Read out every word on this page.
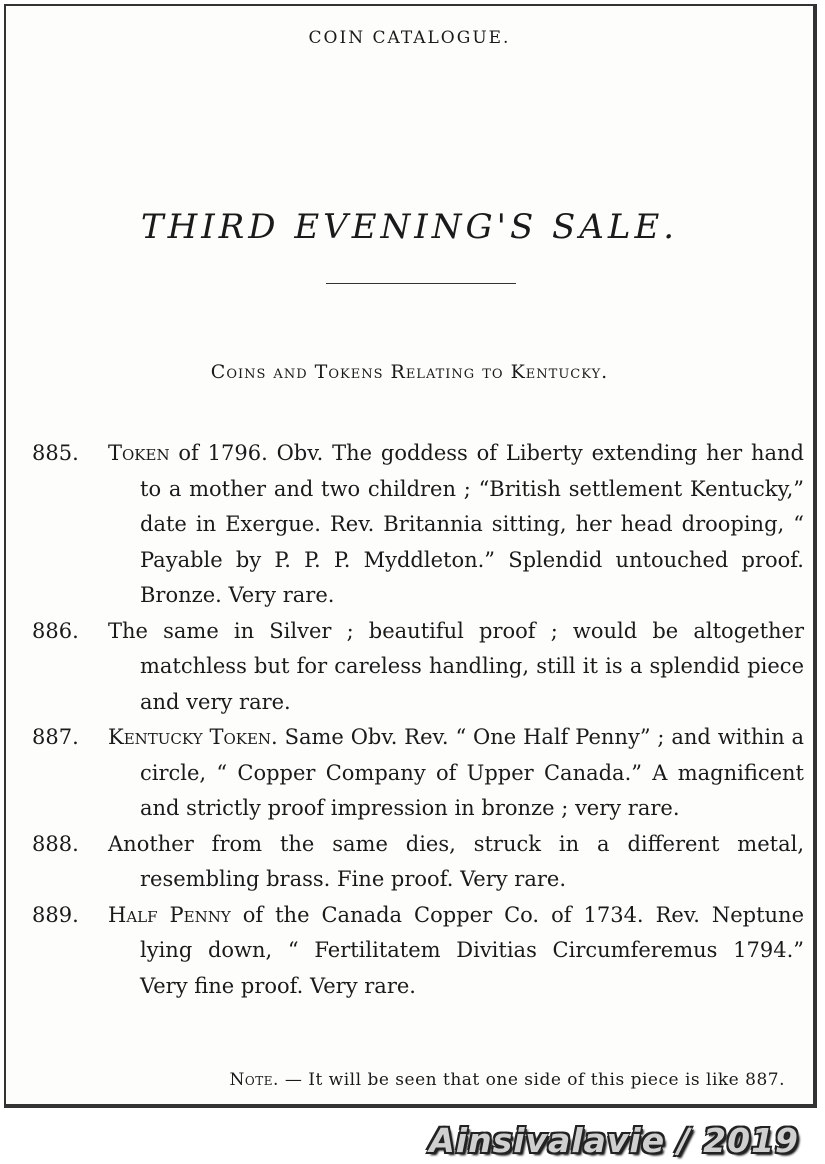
COIN CATALOGUE.
THIRD EVENING'S SALE.
Coins and Tokens Relating to Kentucky.
885. Token of 1796. Obv. The goddess of Liberty extending her hand to a mother and two children ; “British settlement Kentucky,” date in Exergue. Rev. Britannia sitting, her head drooping, “ Payable by P. P. P. Myddleton.” Splendid untouched proof. Bronze. Very rare.
886. The same in Silver ; beautiful proof ; would be altogether matchless but for careless handling, still it is a splendid piece and very rare.
887. Kentucky Token. Same Obv. Rev. “ One Half Penny” ; and within a circle, “ Copper Company of Upper Canada.” A magnificent and strictly proof impression in bronze ; very rare.
888. Another from the same dies, struck in a different metal, resembling brass. Fine proof. Very rare.
889. Half Penny of the Canada Copper Co. of 1734. Rev. Neptune lying down, “ Fertilitatem Divitias Circumferemus 1794.” Very fine proof. Very rare.
Note. — It will be seen that one side of this piece is like 887.
Ainsivalavie / 2019
